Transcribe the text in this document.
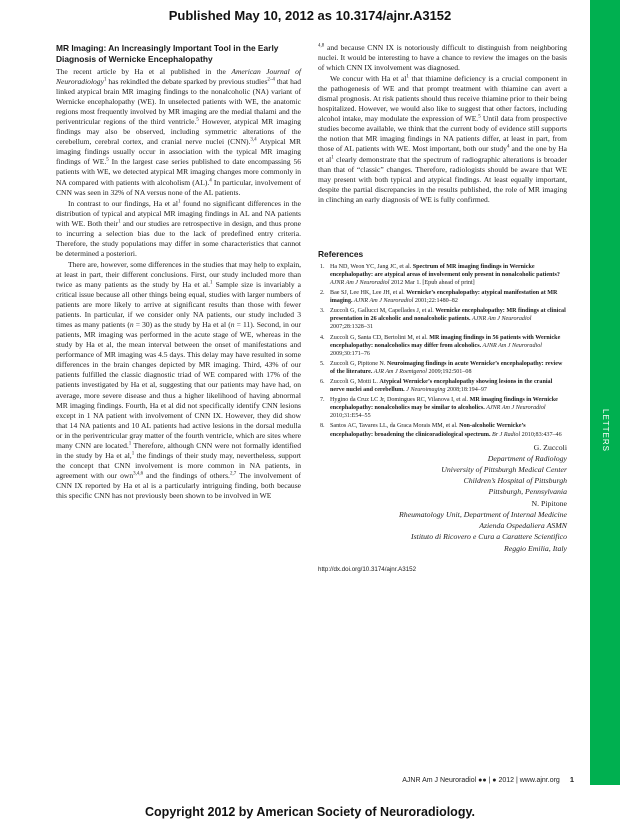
Published May 10, 2012 as 10.3174/ajnr.A3152
LETTERS
MR Imaging: An Increasingly Important Tool in the Early Diagnosis of Wernicke Encephalopathy

The recent article by Ha et al published in the American Journal of Neuroradiology$^1$ has rekindled the debate sparked by previous studies$^{2-4}$ that had linked atypical brain MR imaging findings to the nonalcoholic (NA) variant of Wernicke encephalopathy (WE). In unselected patients with WE, the anatomic regions most frequently involved by MR imaging are the medial thalami and the periventricular regions of the third ventricle.$^5$ However, atypical MR imaging findings may also be observed, including symmetric alterations of the cerebellum, cerebral cortex, and cranial nerve nuclei (CNN).$^{3,4}$ Atypical MR imaging findings usually occur in association with the typical MR imaging findings of WE.$^5$ In the largest case series published to date encompassing 56 patients with WE, we detected atypical MR imaging changes more commonly in NA compared with patients with alcoholism (AL).$^4$ In particular, involvement of CNN was seen in 32% of NA versus none of the AL patients.

In contrast to our findings, Ha et $al^1$ found no significant differences in the distribution of typical and atypical MR imaging findings in AL and NA patients with WE. Both their$^1$ and our studies are retrospective in design, and thus prone to incurring a selection bias due to the lack of predefined entry criteria. Therefore, the study populations may differ in some characteristics that cannot be determined a posteriori.

There are, however, some differences in the studies that may help to explain, at least in part, their different conclusions. First, our study included more than twice as many patients as the study by Ha et al.$^1$ Sample size is invariably a critical issue because all other things being equal, studies with larger numbers of patients are more likely to arrive at significant results than those with fewer patients. In particular, if we consider only NA patients, our study included 3 times as many patients (n = 30) as the study by Ha et al (n = 11). Second, in our patients, MR imaging was performed in the acute stage of WE, whereas in the study by Ha et al, the mean interval between the onset of manifestations and performance of MR imaging was 4.5 days. This delay may have resulted in some differences in the brain changes depicted by MR imaging. Third, 43% of our patients fulfilled the classic diagnostic triad of WE compared with 17% of the patients investigated by Ha et al, suggesting that our patients may have had, on average, more severe disease and thus a higher likelihood of having abnormal MR imaging findings. Fourth, Ha et al did not specifically identify CNN lesions except in 1 NA patient with involvement of CNN IX. However, they did show that 14 NA patients and 10 AL patients had active lesions in the dorsal medulla or in the periventricular gray matter of the fourth ventricle, which are sites where many CNN are located.$^1$ Therefore, although CNN were not formally identified in the study by Ha et al,$^1$ the findings of their study may, nevertheless, support the concept that CNN involvement is more common in NA patients, in agreement with our own$^{3,4,6}$ and the findings of others.$^{2,7}$ The involvement of CNN IX reported by Ha et al is a particularly intriguing finding, both because this specific CNN has not previously been shown to be involved in WE

$^{4,8}$ and because CNN IX is notoriously difficult to distinguish from neighboring nuclei. It would be interesting to have a chance to review the images on the basis of which CNN IX involvement was diagnosed.

We concur with Ha et $al^1$ that thiamine deficiency is a crucial component in the pathogenesis of WE and that prompt treatment with thiamine can avert a dismal prognosis. At risk patients should thus receive thiamine prior to their being hospitalized. However, we would also like to suggest that other factors, including alcohol intake, may modulate the expression of WE.$^5$ Until data from prospective studies become available, we think that the current body of evidence still supports the notion that MR imaging findings in NA patients differ, at least in part, from those of AL patients with WE. Most important, both our study$^4$ and the one by Ha et $al^1$ clearly demonstrate that the spectrum of radiographic alterations is broader than that of “classic” changes. Therefore, radiologists should be aware that WE may present with both typical and atypical findings. At least equally important, despite the partial discrepancies in the results published, the role of MR imaging in clinching an early diagnosis of WE is fully confirmed.

References
1. Ha ND, Weon YC, Jang JC, et al. Spectrum of MR imaging findings in Wernicke encephalopathy: are atypical areas of involvement only present in nonalcoholic patients? AJNR Am J Neuroradiol 2012 Mar 1. [Epub ahead of print]
2. Bae SJ, Lee HK, Lee JH, et al. Wernicke’s encephalopathy: atypical manifestation at MR imaging. AJNR Am J Neuroradiol 2001;22:1480–82
3. Zuccoli G, Gallucci M, Capellades J, et al. Wernicke encephalopathy: MR findings at clinical presentation in 26 alcoholic and nonalcoholic patients. AJNR Am J Neuroradiol 2007;28:1328–31
4. Zuccoli G, Santa CD, Bertolini M, et al. MR imaging findings in 56 patients with Wernicke encephalopathy: nonalcoholics may differ from alcoholics. AJNR Am J Neuroradiol 2009;30:171–76
5. Zuccoli G, Pipitone N. Neuroimaging findings in acute Wernicke’s encephalopathy: review of the literature. AJR Am J Roentgenol 2009;192:501–08
6. Zuccoli G, Motti L. Atypical Wernicke’s encephalopathy showing lesions in the cranial nerve nuclei and cerebellum. J Neuroimaging 2008;18:194–97
7. Hygino da Cruz LC Jr, Domingues RC, Vilanova I, et al. MR imaging findings in Wernicke encephalopathy: nonalcoholics may be similar to alcoholics. AJNR Am J Neuroradiol 2010;31:E54–55
8. Santos AC, Tavares LL, da Graca Morais MM, et al. Non-alcoholic Wernicke’s encephalopathy: broadening the clinicoradiological spectrum. Br J Radiol 2010;83:437–46
G. Zuccoli
Department of Radiology
University of Pittsburgh Medical Center
Children’s Hospital of Pittsburgh
Pittsburgh, Pennsylvania
N. Pipitone
Rheumatology Unit, Department of Internal Medicine
Azienda Ospedaliera ASMN
Istituto di Ricovero e Cura a Carattere Scientifico
Reggio Emilia, Italy
http://dx.doi.org/10.3174/ajnr.A3152
AJNR Am J Neuroradiol ●● | ● 2012 | www.ajnr.org 1
Copyright 2012 by American Society of Neuroradiology.
